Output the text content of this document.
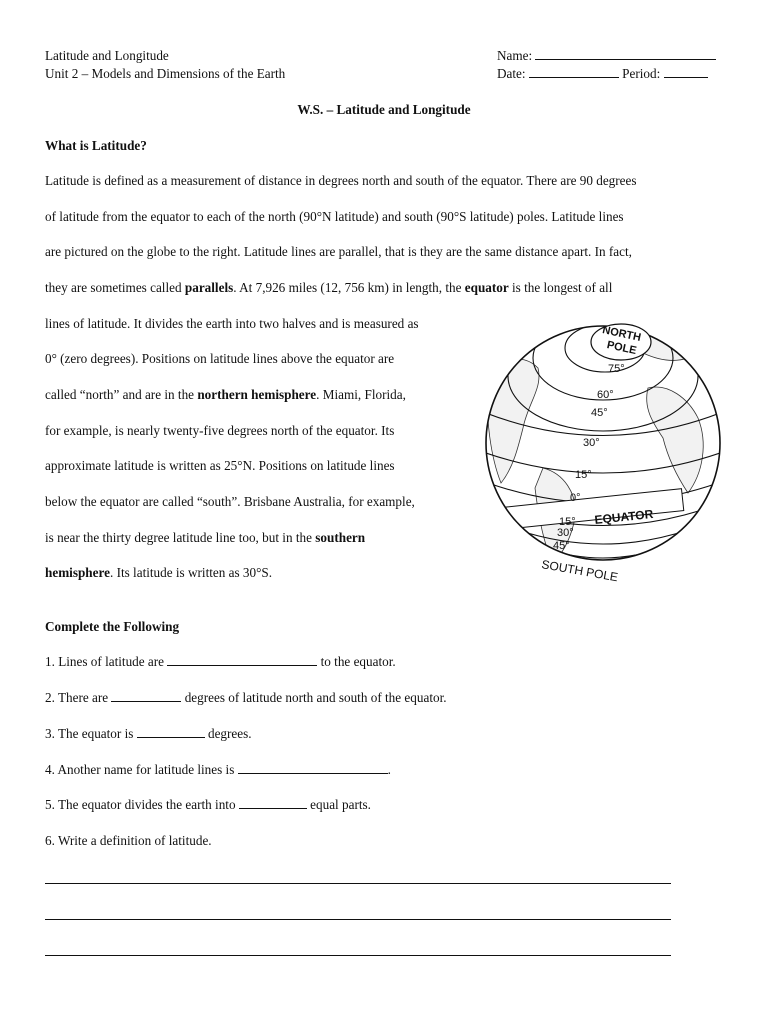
Latitude and Longitude
Unit 2 – Models and Dimensions of the Earth
Name:
Date:	Period:
W.S. – Latitude and Longitude
What is Latitude?
Latitude is defined as a measurement of distance in degrees north and south of the equator. There are 90 degrees
of latitude from the equator to each of the north (90°N latitude) and south (90°S latitude) poles. Latitude lines
are pictured on the globe to the right. Latitude lines are parallel, that is they are the same distance apart. In fact,
they are sometimes called parallels. At 7,926 miles (12, 756 km) in length, the equator is the longest of all
lines of latitude. It divides the earth into two halves and is measured as
0° (zero degrees). Positions on latitude lines above the equator are
called “north” and are in the northern hemisphere. Miami, Florida,
for example, is nearly twenty-five degrees north of the equator. Its
approximate latitude is written as 25°N. Positions on latitude lines
below the equator are called “south”. Brisbane Australia, for example,
is near the thirty degree latitude line too, but in the southern
hemisphere. Its latitude is written as 30°S.
NORTH
POLE
75°
60°
45°
30°
15°
0°
15°
30°
45°
EQUATOR
SOUTH POLE
Complete the Following
1. Lines of latitude are	to the equator.
2. There are	degrees of latitude north and south of the equator.
3. The equator is	degrees.
4. Another name for latitude lines is	.
5. The equator divides the earth into	equal parts.
6. Write a definition of latitude.
